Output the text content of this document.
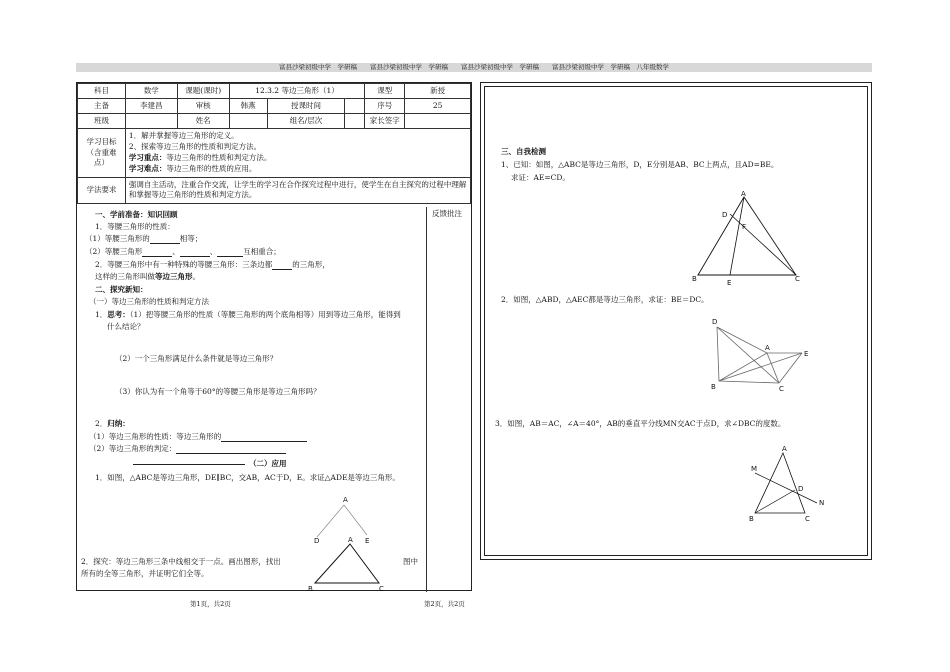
富县沙梁初级中学　学研稿　　富县沙梁初级中学　学研稿　　富县沙梁初级中学　学研稿　　富县沙梁初级中学　学研稿　八年级数学
科目	数学	课题(课时)	12.3.2 等边三角形（1）			课型	新授
主备	李建昌	审核	韩燕	授课时间		序号	25
班级		姓名		组名/层次		家长签字	
学习目标（含重难点）	1．解并掌握等边三角形的定义。
2、探索等边三角形的性质和判定方法。
学习重点：等边三角形的性质和判定方法。
学习难点：等边三角形的性质的应用。						

学法要求	强调自主活动，注重合作交流，让学生的学习在合作探究过程中进行，使学生在自主探究的过程中理解和掌握等边三角形的性质和判定方法。						
一、学前准备：知识回顾
1．等腰三角形的性质：
（1）等腰三角形的	相等；
（2）等腰三角形	、	、	互相重合；
2．等腰三角形中有一种特殊的等腰三角形：三条边都	的三角形，
这样的三角形叫做等边三角形。
二、探究新知：
（一）等边三角形的性质和判定方法
1．思考：（1）把等腰三角形的性质（等腰三角形的两个底角相等）用到等边三角形，能得到
什么结论？
（2）一个三角形满足什么条件就是等边三角形？
（3）你认为有一个角等于60°的等腰三角形是等边三角形吗？
2．归纳：
（1）等边三角形的性质：等边三角形的
（2）等边三角形的判定：
（二）应用
1．如图，△ABC是等边三角形，DE∥BC，交AB，AC于D，E。求证△ADE是等边三角形。
A
D	E
A
B	C
2．探究：等边三角形三条中线相交于一点。画出图形，找出	图中
所有的全等三角形，并证明它们全等。
反馈批注
三、自我检测
1、已知：如图，△ABC是等边三角形，D，E分别是AB、BC上两点，且AD=BE。
求证：AE=CD。
A
D
F
B	E	C
2．如图，△ABD，△AEC都是等边三角形，求证：BE＝DC。
D
A
E
B	C
3．如图，AB＝AC，∠A＝40°，AB的垂直平分线MN交AC于点D，求∠DBC的度数。
A
M
D
N
B	C
第1页，共2页	第2页，共2页
